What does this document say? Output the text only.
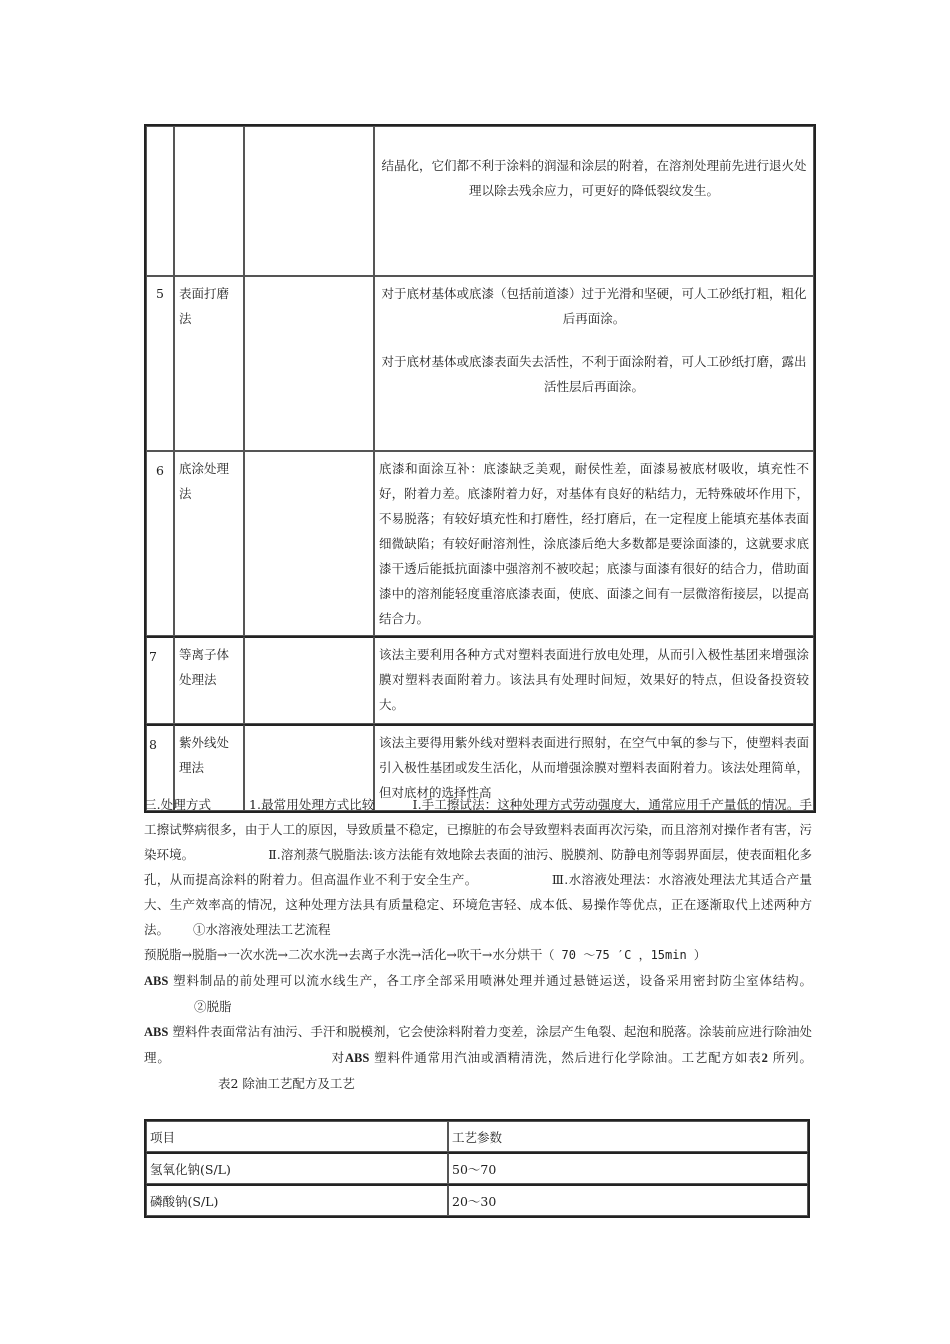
			结晶化，它们都不利于涂料的润湿和涂层的附着，在溶剂处理前先进行退火处理以除去残余应力，可更好的降低裂纹发生。

5	表面打磨法		对于底材基体或底漆（包括前道漆）过于光滑和坚硬，可人工砂纸打粗，粗化后再面涂。

对于底材基体或底漆表面失去活性，不利于面涂附着，可人工砂纸打磨，露出活性层后再面涂。

6	底涂处理法		底漆和面涂互补：底漆缺乏美观，耐侯性差，面漆易被底材吸收，填充性不好，附着力差。底漆附着力好，对基体有良好的粘结力，无特殊破坏作用下，不易脱落；有较好填充性和打磨性，经打磨后，在一定程度上能填充基体表面细微缺陷；有较好耐溶剂性，涂底漆后绝大多数都是要涂面漆的，这就要求底漆干透后能抵抗面漆中强溶剂不被咬起；底漆与面漆有很好的结合力，借助面漆中的溶剂能轻度重溶底漆表面，使底、面漆之间有一层微溶衔接层，以提高结合力。

7	等离子体处理法		该法主要利用各种方式对塑料表面进行放电处理，从而引入极性基团来增强涂膜对塑料表面附着力。该法具有处理时间短，效果好的特点，但设备投资较大。

8	紫外线处理法		该法主要得用紫外线对塑料表面进行照射，在空气中氧的参与下，使塑料表面引入极性基团或发生活化，从而增强涂膜对塑料表面附着力。该法处理简单，但对底材的选择性高

三.处理方式	1.最常用处理方式比较	Ⅰ.手工擦试法：这种处理方式劳动强度大，通常应用千产量低的情况。手工擦试弊病很多，由于人工的原因，导致质量不稳定，已擦脏的布会导致塑料表面再次污染，而且溶剂对操作者有害，污染环境。	Ⅱ.溶剂蒸气脱脂法:该方法能有效地除去表面的油污、脱膜剂、防静电剂等弱界面层，使表面粗化多孔，从而提高涂料的附着力。但高温作业不利于安全生产。	Ⅲ.水溶液处理法：水溶液处理法尤其适合产量大、生产效率高的情况，这种处理方法具有质量稳定、环境危害轻、成本低、易操作等优点，正在逐渐取代上述两种方法。 ①水溶液处理法工艺流程
预脱脂→脱脂→一次水洗→二次水洗→去离子水洗→活化→吹干→水分烘干（ 70 ～75 ′C ，15min ）
ABS 塑料制品的前处理可以流水线生产，各工序全部采用喷淋处理并通过悬链运送，设备采用密封防尘室体结构。②脱脂
ABS 塑料件表面常沾有油污、手汗和脱模剂，它会使涂料附着力变差，涂层产生龟裂、起泡和脱落。涂装前应进行除油处理。	对ABS 塑料件通常用汽油或酒精清洗，然后进行化学除油。工艺配方如表2 所列。表2 除油工艺配方及工艺
项目	工艺参数
氢氧化钠(S/L)	50～70
磷酸钠(S/L)	20～30
